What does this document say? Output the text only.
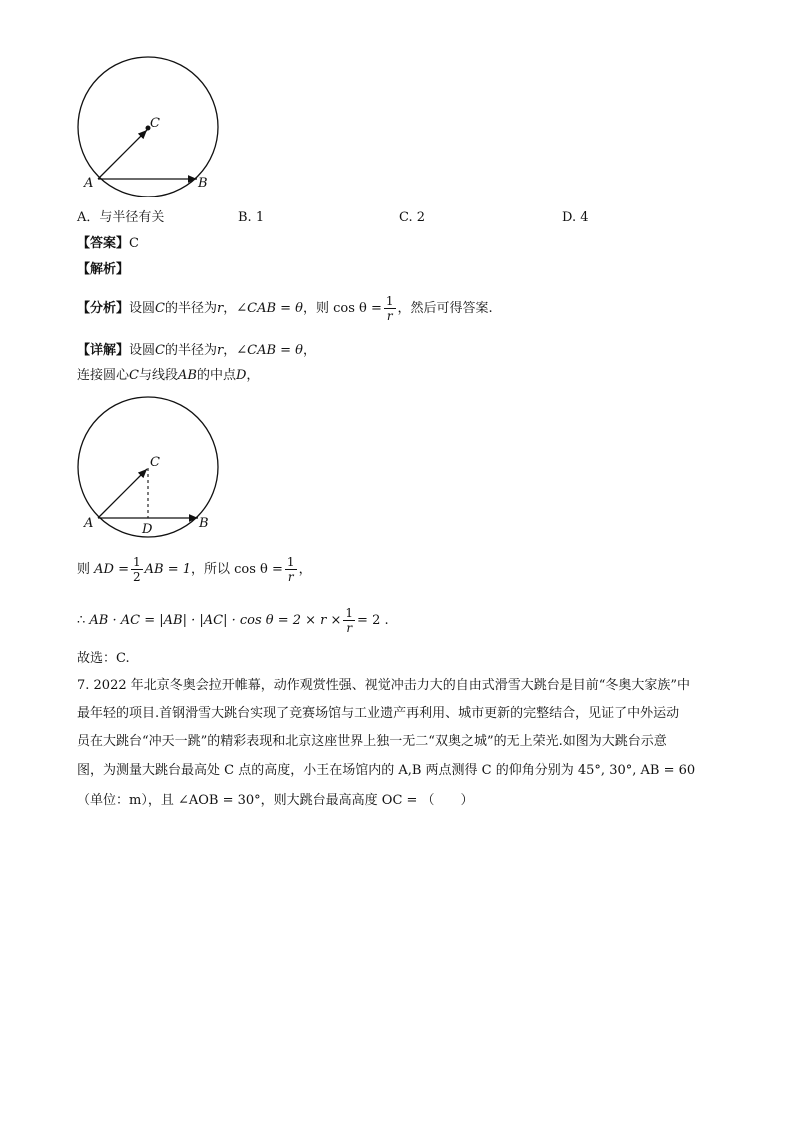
C
A	B
A．与半径有关	B. 1	C. 2	D. 4
【答案】C
【解析】
【分析】设圆C的半径为r，∠CAB = θ，则 $\cos \theta = \frac{1}{r}$ ，然后可得答案.
【详解】设圆C的半径为r，∠CAB = θ，
连接圆心C与线段AB的中点D，
C
A	D	B
则 AD = $\frac{1}{2}$ AB = 1，所以 $\cos \theta = \frac{1}{r}$ ，
∴ AB · AC = $|AB| \cdot |AC| \cdot \cos \theta = 2 \times r \times \frac{1}{r} = 2$ .
故选：C.
7. 2022 年北京冬奥会拉开帷幕，动作观赏性强、视觉冲击力大的自由式滑雪大跳台是目前“冬奥大家族”中
最年轻的项目.首钢滑雪大跳台实现了竞赛场馆与工业遗产再利用、城市更新的完整结合，见证了中外运动
员在大跳台“冲天一跳”的精彩表现和北京这座世界上独一无二“双奥之城”的无上荣光.如图为大跳台示意
图，为测量大跳台最高处 C 点的高度，小王在场馆内的 A,B 两点测得 C 的仰角分别为 45°, 30°, AB = 60
（单位：m），且 ∠AOB = 30°，则大跳台最高高度 OC = （　　）
